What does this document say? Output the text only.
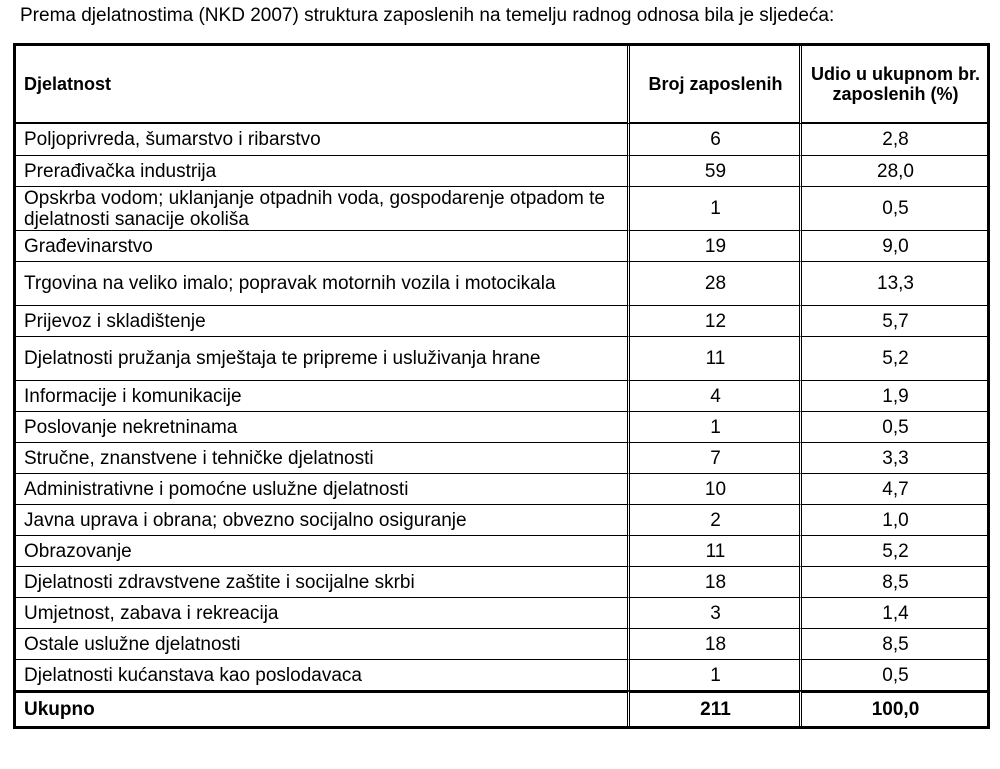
Prema djelatnostima (NKD 2007) struktura zaposlenih na temelju radnog odnosa bila je sljedeća:
Djelatnost	Broj zaposlenih	Udio u ukupnom br. zaposlenih (%)
Poljoprivreda, šumarstvo i ribarstvo	6	2,8
Prerađivačka industrija	59	28,0
Opskrba vodom; uklanjanje otpadnih voda, gospodarenje otpadom te djelatnosti sanacije okoliša	1	0,5
Građevinarstvo	19	9,0
Trgovina na veliko imalo; popravak motornih vozila i motocikala	28	13,3
Prijevoz i skladištenje	12	5,7
Djelatnosti pružanja smještaja te pripreme i usluživanja hrane	11	5,2
Informacije i komunikacije	4	1,9
Poslovanje nekretninama	1	0,5
Stručne, znanstvene i tehničke djelatnosti	7	3,3
Administrativne i pomoćne uslužne djelatnosti	10	4,7
Javna uprava i obrana; obvezno socijalno osiguranje	2	1,0
Obrazovanje	11	5,2
Djelatnosti zdravstvene zaštite i socijalne skrbi	18	8,5
Umjetnost, zabava i rekreacija	3	1,4
Ostale uslužne djelatnosti	18	8,5
Djelatnosti kućanstava kao poslodavaca	1	0,5
Ukupno	211	100,0
